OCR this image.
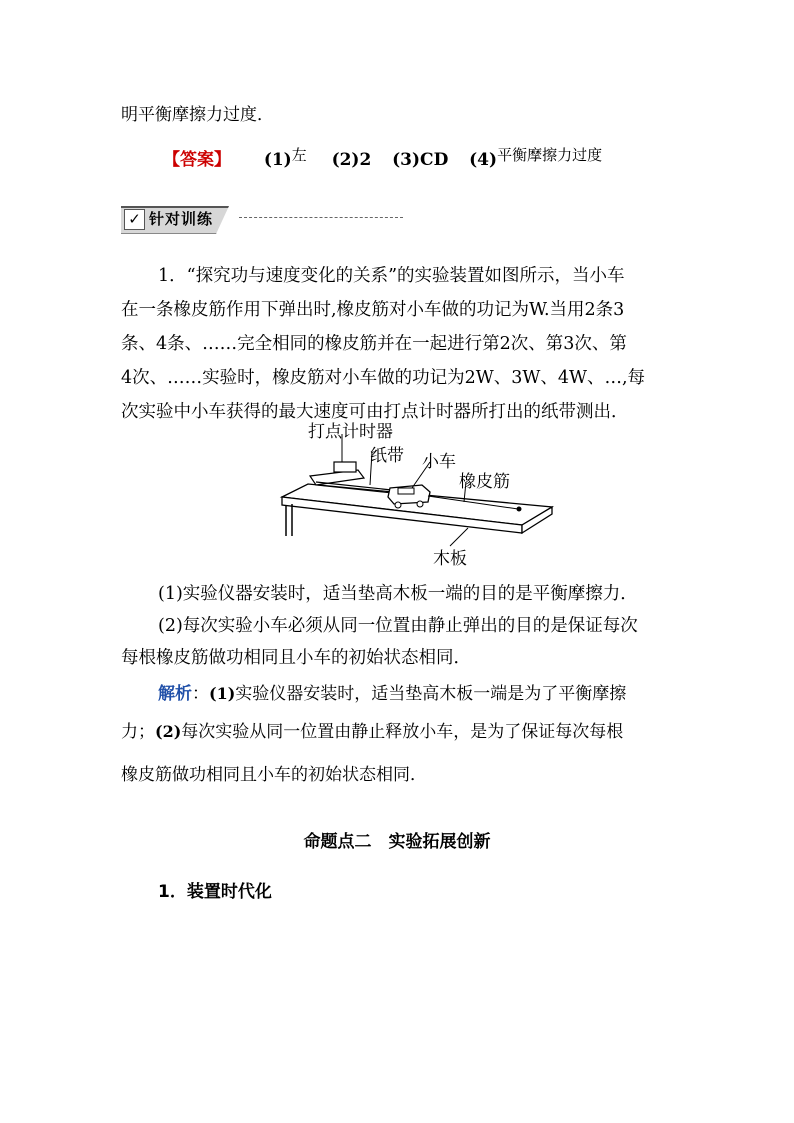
明平衡摩擦力过度．
【答案】 $(1)^左$ (2)2 (3)CD $(4)^{平衡摩擦力过度}$
✓ 针对训练
1．“探究功与速度变化的关系”的实验装置如图所示，当小车
在一条橡皮筋作用下弹出时,橡皮筋对小车做的功记为W.当用2条3
条、4条、……完全相同的橡皮筋并在一起进行第2次、第3次、第
4次、……实验时，橡皮筋对小车做的功记为2W、3W、4W、…,每
次实验中小车获得的最大速度可由打点计时器所打出的纸带测出．
打点计时器
纸带 小车
橡皮筋
木板
(1)实验仪器安装时，适当垫高木板一端的目的是平衡摩擦力．
(2)每次实验小车必须从同一位置由静止弹出的目的是保证每次
每根橡皮筋做功相同且小车的初始状态相同．
解析：(1)实验仪器安装时，适当垫高木板一端是为了平衡摩擦
力；(2)每次实验从同一位置由静止释放小车，是为了保证每次每根
橡皮筋做功相同且小车的初始状态相同．
命题点二　实验拓展创新
1．装置时代化
